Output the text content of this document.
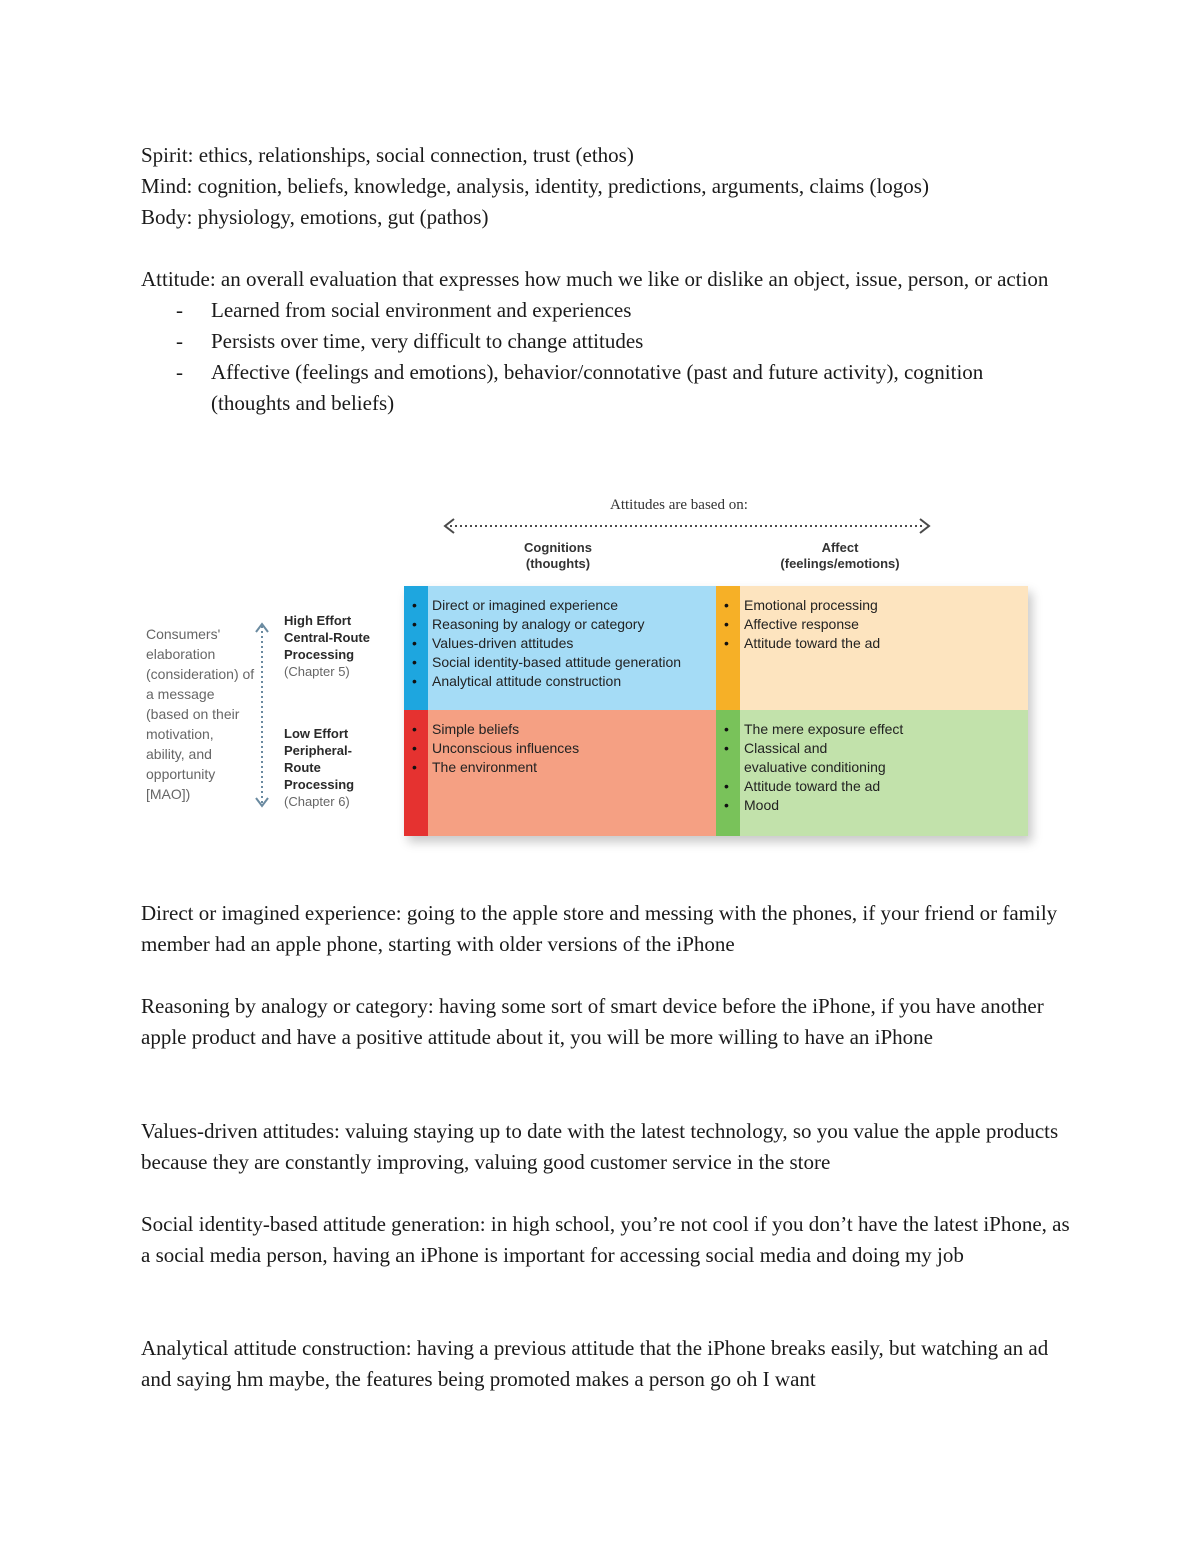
Spirit: ethics, relationships, social connection, trust (ethos)
Mind: cognition, beliefs, knowledge, analysis, identity, predictions, arguments, claims (logos)
Body: physiology, emotions, gut (pathos)
Attitude: an overall evaluation that expresses how much we like or dislike an object, issue, person, or action
- Learned from social environment and experiences
- Persists over time, very difficult to change attitudes
- Affective (feelings and emotions), behavior/connotative (past and future activity), cognition (thoughts and beliefs)
Attitudes are based on:
Cognitions
(thoughts)
Affect
(feelings/emotions)
Consumers' elaboration (consideration) of a message (based on their motivation, ability, and opportunity [MAO])
High Effort Central-Route Processing
(Chapter 5)
Low Effort Peripheral-Route Processing
(Chapter 6)
• Direct or imagined experience
• Reasoning by analogy or category
• Values-driven attitudes
• Social identity-based attitude generation
• Analytical attitude construction
• Emotional processing
• Affective response
• Attitude toward the ad
• Simple beliefs
• Unconscious influences
• The environment
• The mere exposure effect
• Classical and evaluative conditioning
• Attitude toward the ad
• Mood
Direct or imagined experience: going to the apple store and messing with the phones, if your friend or family member had an apple phone, starting with older versions of the iPhone
Reasoning by analogy or category: having some sort of smart device before the iPhone, if you have another apple product and have a positive attitude about it, you will be more willing to have an iPhone
Values-driven attitudes: valuing staying up to date with the latest technology, so you value the apple products because they are constantly improving, valuing good customer service in the store
Social identity-based attitude generation: in high school, you’re not cool if you don’t have the latest iPhone, as a social media person, having an iPhone is important for accessing social media and doing my job
Analytical attitude construction: having a previous attitude that the iPhone breaks easily, but watching an ad and saying hm maybe, the features being promoted makes a person go oh I want
